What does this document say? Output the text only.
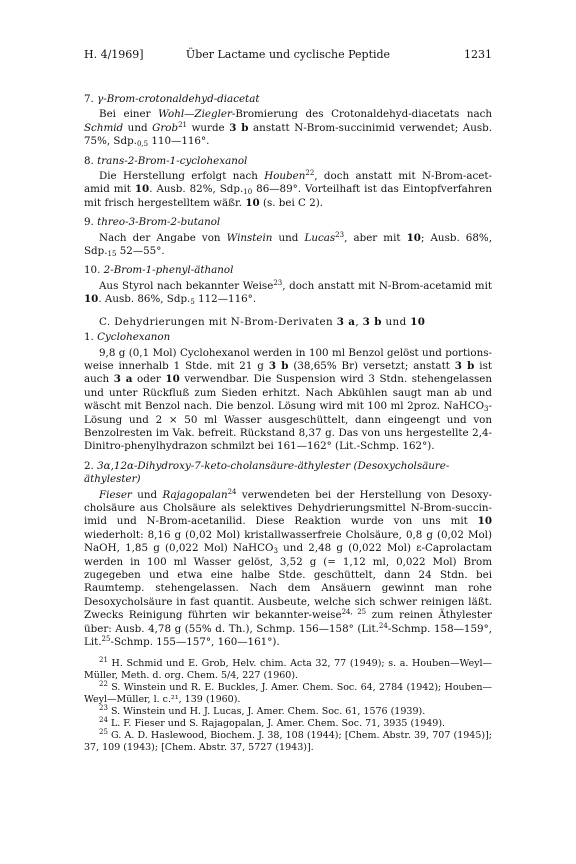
H. 4/1969]	Über Lactame und cyclische Peptide	1231
7. γ-Brom-crotonaldehyd-diacetat

Bei einer Wohl—Ziegler-Bromierung des Crotonaldehyd-diacetats nach Schmid und Grob$^{21}$ wurde 3 b anstatt N-Brom-succinimid verwendet; Ausb. 75%, $Sdp._{0,5}$ 110—116°.

8. trans-2-Brom-1-cyclohexanol

Die Herstellung erfolgt nach Houben$^{22}$, doch anstatt mit N-Brom-acet-amid mit 10. Ausb. 82%, $Sdp._{10}$ 86—89°. Vorteilhaft ist das Eintopfverfahren mit frisch hergestelltem wäßr. 10 (s. bei C 2).

9. threo-3-Brom-2-butanol

Nach der Angabe von Winstein und Lucas$^{23}$, aber mit 10; Ausb. 68%, $Sdp._{15}$ 52—55°.

10. 2-Brom-1-phenyl-äthanol

Aus Styrol nach bekannter Weise$^{23}$, doch anstatt mit N-Brom-acetamid mit 10. Ausb. 86%, $Sdp._5$ 112—116°.

C. Dehydrierungen mit N-Brom-Derivaten 3 a, 3 b und 10
1. Cyclohexanon

9,8 g (0,1 Mol) Cyclohexanol werden in 100 ml Benzol gelöst und portions-weise innerhalb 1 Stde. mit 21 g 3 b (38,65% Br) versetzt; anstatt 3 b ist auch 3 a oder 10 verwendbar. Die Suspension wird 3 Stdn. stehengelassen und unter Rückfluß zum Sieden erhitzt. Nach Abkühlen saugt man ab und wäscht mit Benzol nach. Die benzol. Lösung wird mit 100 ml 2proz. NaHCO$_3$-Lösung und 2 × 50 ml Wasser ausgeschüttelt, dann eingeengt und von Benzolresten im Vak. befreit. Rückstand 8,37 g. Das von uns hergestellte 2,4-Dinitro-phenylhydrazon schmilzt bei 161—162° (Lit.-Schmp. 162°).

2. 3α,12α-Dihydroxy-7-keto-cholansäure-äthylester (Desoxycholsäure-äthylester)

Fieser und Rajagopalan$^{24}$ verwendeten bei der Herstellung von Desoxy-cholsäure aus Cholsäure als selektives Dehydrierungsmittel N-Brom-succin-imid und N-Brom-acetanilid. Diese Reaktion wurde von uns mit 10 wiederholt: 8,16 g (0,02 Mol) kristallwasserfreie Cholsäure, 0,8 g (0,02 Mol) NaOH, 1,85 g (0,022 Mol) NaHCO$_3$ und 2,48 g (0,022 Mol) ε-Caprolactam werden in 100 ml Wasser gelöst, 3,52 g (= 1,12 ml, 0,022 Mol) Brom zugegeben und etwa eine halbe Stde. geschüttelt, dann 24 Stdn. bei Raumtemp. stehengelassen. Nach dem Ansäuern gewinnt man rohe Desoxycholsäure in fast quantit. Ausbeute, welche sich schwer reinigen läßt. Zwecks Reinigung führten wir bekannter-weise$^{24, 25}$ zum reinen Äthylester über: Ausb. 4,78 g (55% d. Th.), Schmp. 156—158° (Lit.$^{24}$-Schmp. 158—159°, Lit.$^{25}$-Schmp. 155—157°, 160—161°).

$^{21}$ H. Schmid und E. Grob, Helv. chim. Acta 32, 77 (1949); s. a. Houben—Weyl—Müller, Meth. d. org. Chem. 5/4, 227 (1960).
$^{22}$ S. Winstein und R. E. Buckles, J. Amer. Chem. Soc. 64, 2784 (1942); Houben—Weyl—Müller, l. c.²¹, 139 (1960).
$^{23}$ S. Winstein und H. J. Lucas, J. Amer. Chem. Soc. 61, 1576 (1939).
$^{24}$ L. F. Fieser und S. Rajagopalan, J. Amer. Chem. Soc. 71, 3935 (1949).
$^{25}$ G. A. D. Haslewood, Biochem. J. 38, 108 (1944); [Chem. Abstr. 39, 707 (1945)]; 37, 109 (1943); [Chem. Abstr. 37, 5727 (1943)].
